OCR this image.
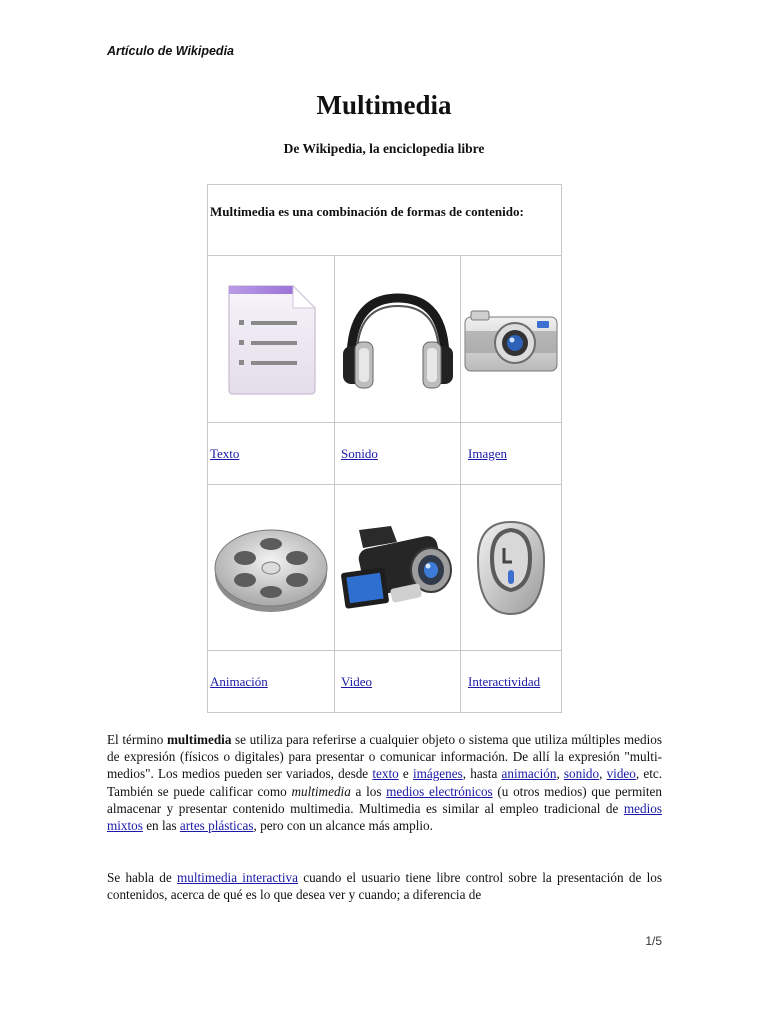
Artículo de Wikipedia
Multimedia
De Wikipedia, la enciclopedia libre
Multimedia es una combinación de formas de contenido:
Texto	Sonido	Imagen
Animación	Video	Interactividad
El término multimedia se utiliza para referirse a cualquier objeto o sistema que utiliza múltiples medios de expresión (físicos o digitales) para presentar o comunicar información. De allí la expresión "multi-medios". Los medios pueden ser variados, desde texto e imágenes, hasta animación, sonido, video, etc. También se puede calificar como multimedia a los medios electrónicos (u otros medios) que permiten almacenar y presentar contenido multimedia. Multimedia es similar al empleo tradicional de medios mixtos en las artes plásticas, pero con un alcance más amplio.
Se habla de multimedia interactiva cuando el usuario tiene libre control sobre la presentación de los contenidos, acerca de qué es lo que desea ver y cuando; a diferencia de
1/5
